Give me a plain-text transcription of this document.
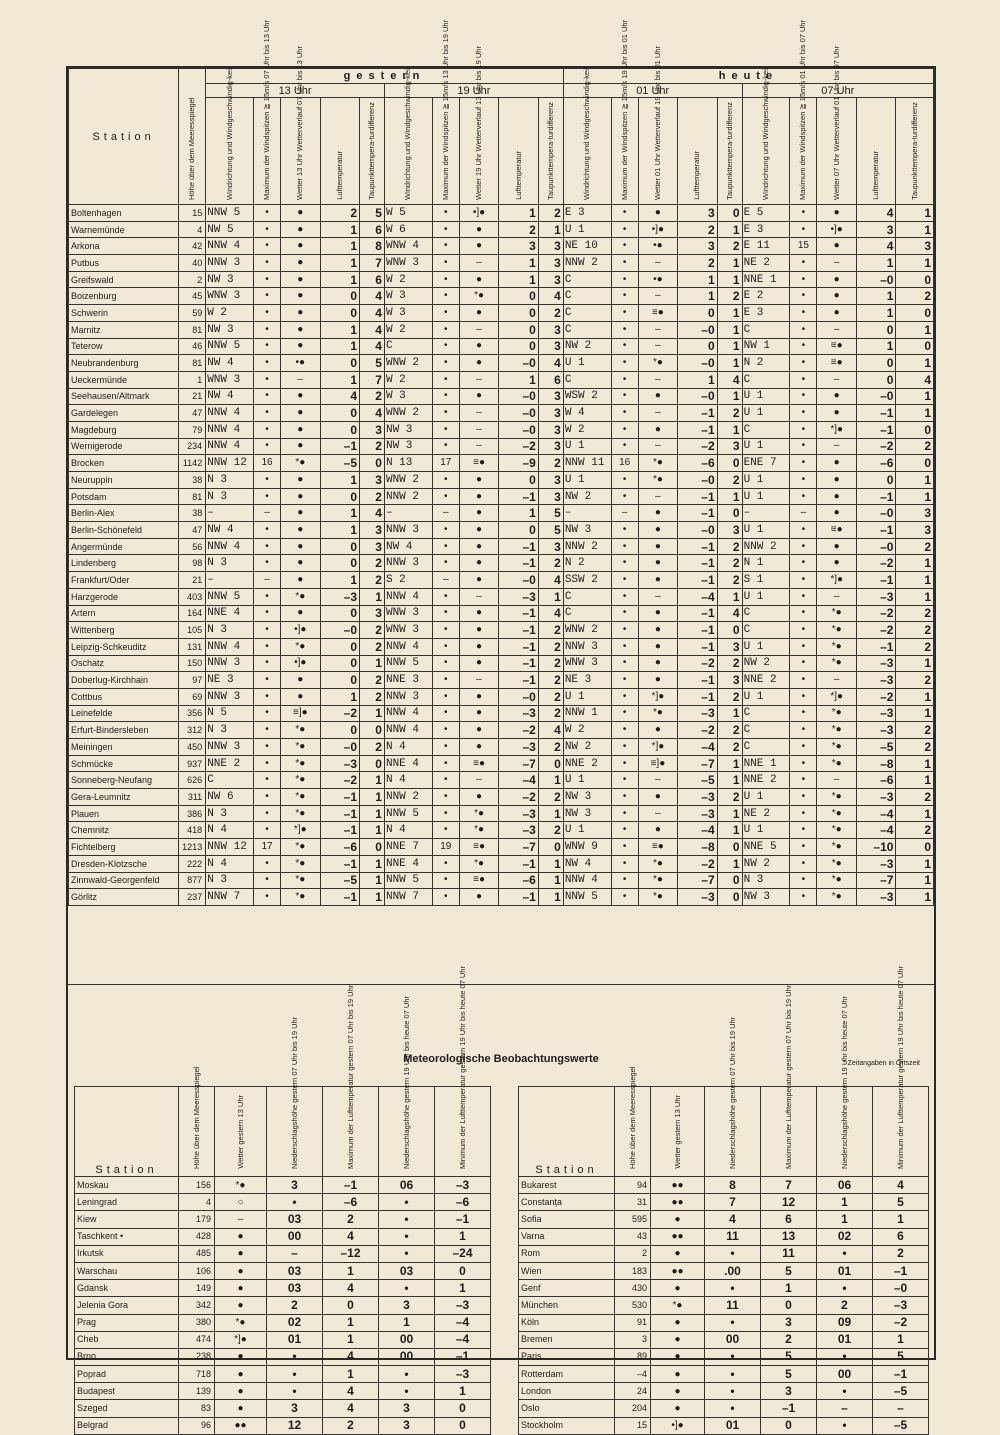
Station	Höhe über dem Meeresspiegel	gestern										heute									
		13 Uhr					19 Uhr					01 Uhr					07 Uhr				
		Windrichtung und Windgeschwindig-keit	Maximum der Windspitzen ≧ 15m/s 07 Uhr bis 13 Uhr	Wetter 13 Uhr Wetterverlauf 07 Uhr bis 13 Uhr	Lufttemperatur	Taupunkttempera-turdifferenz	Windrichtung und Windgeschwindig-keit	Maximum der Windspitzen ≧ 15m/s 13 Uhr bis 19 Uhr	Wetter 19 Uhr Wetterverlauf 13 Uhr bis 19 Uhr	Lufttemperatur	Taupunkttempera-turdifferenz	Windrichtung und Windgeschwindig-keit	Maximum der Windspitzen ≧ 15m/s 19 Uhr bis 01 Uhr	Wetter 01 Uhr Wetterverlauf 19 Uhr bis 01 Uhr	Lufttemperatur	Taupunkttempera-turdifferenz	Windrichtung und Windgeschwindig-keit	Maximum der Windspitzen ≧ 15m/s 01 Uhr bis 07 Uhr	Wetter 07 Uhr Wetterverlauf 01 Uhr bis 07 Uhr	Lufttemperatur	Taupunkttempera-turdifferenz
Boltenhagen	15	NNW 5	•	●	2	5	W 5	•	•]●	1	2	E 3	•	●	3	0	E 5	•	●	4	1
Warnemünde	4	NW 5	•	●	1	6	W 6	•	●	2	1	U 1	•	•]●	2	1	E 3	•	•]●	3	1
Arkona	42	NNW 4	•	●	1	8	WNW 4	•	●	3	3	NE 10	•	•●	3	2	E 11	15	●	4	3
Putbus	40	NNW 3	•	●	1	7	WNW 3	•	–	1	3	NNW 2	•	–	2	1	NE 2	•	–	1	1
Greifswald	2	NW 3	•	●	1	6	W 2	•	●	1	3	C	•	•●	1	1	NNE 1	•	●	–0	0
Boizenburg	45	WNW 3	•	●	0	4	W 3	•	*●	0	4	C	•	–	1	2	E 2	•	●	1	2
Schwerin	59	W 2	•	●	0	4	W 3	•	●	0	2	C	•	≡●	0	1	E 3	•	●	1	0
Marnitz	81	NW 3	•	●	1	4	W 2	•	–	0	3	C	•	–	–0	1	C	•	–	0	1
Teterow	46	NNW 5	•	●	1	4	C	•	●	0	3	NW 2	•	–	0	1	NW 1	•	≡●	1	0
Neubrandenburg	81	NW 4	•	•●	0	5	WNW 2	•	●	–0	4	U 1	•	*●	–0	1	N 2	•	≡●	0	1
Ueckermünde	1	WNW 3	•	–	1	7	W 2	•	–	1	6	C	•	–	1	4	C	•	–	0	4
Seehausen/Altmark	21	NW 4	•	●	4	2	W 3	•	●	–0	3	WSW 2	•	●	–0	1	U 1	•	●	–0	1
Gardelegen	47	NNW 4	•	●	0	4	WNW 2	•	–	–0	3	W 4	•	–	–1	2	U 1	•	●	–1	1
Magdeburg	79	NNW 4	•	●	0	3	NW 3	•	–	–0	3	W 2	•	●	–1	1	C	•	*]●	–1	0
Wernigerode	234	NNW 4	•	●	–1	2	NW 3	•	–	–2	3	U 1	•	–	–2	3	U 1	•	–	–2	2
Brocken	1142	NNW 12	16	*●	–5	0	N 13	17	≡●	–9	2	NNW 11	16	*●	–6	0	ENE 7	•	●	–6	0
Neuruppin	38	N 3	•	●	1	3	WNW 2	•	●	0	3	U 1	•	*●	–0	2	U 1	•	●	0	1
Potsdam	81	N 3	•	●	0	2	NNW 2	•	●	–1	3	NW 2	•	–	–1	1	U 1	•	●	–1	1
Berlin-Alex	38	–	–	●	1	4	–	–	●	1	5	–	–	●	–1	0	–	–	●	–0	3
Berlin-Schönefeld	47	NW 4	•	●	1	3	NNW 3	•	●	0	5	NW 3	•	●	–0	3	U 1	•	≡●	–1	3
Angermünde	56	NNW 4	•	●	0	3	NW 4	•	●	–1	3	NNW 2	•	●	–1	2	NNW 2	•	●	–0	2
Lindenberg	98	N 3	•	●	0	2	NNW 3	•	●	–1	2	N 2	•	●	–1	2	N 1	•	●	–2	1
Frankfurt/Oder	21	–	–	●	1	2	S 2	–	●	–0	4	SSW 2	•	●	–1	2	S 1	•	*]●	–1	1
Harzgerode	403	NNW 5	•	*●	–3	1	NNW 4	•	–	–3	1	C	•	–	–4	1	U 1	•	–	–3	1
Artern	164	NNE 4	•	●	0	3	WNW 3	•	●	–1	4	C	•	●	–1	4	C	•	*●	–2	2
Wittenberg	105	N 3	•	•]●	–0	2	WNW 3	•	●	–1	2	WNW 2	•	●	–1	0	C	•	*●	–2	2
Leipzig-Schkeuditz	131	NNW 4	•	*●	0	2	NNW 4	•	●	–1	2	NNW 3	•	●	–1	3	U 1	•	*●	–1	2
Oschatz	150	NNW 3	•	•]●	0	1	NNW 5	•	●	–1	2	WNW 3	•	●	–2	2	NW 2	•	*●	–3	1
Doberlug-Kirchhain	97	NE 3	•	●	0	2	NNE 3	•	–	–1	2	NE 3	•	●	–1	3	NNE 2	•	–	–3	2
Cottbus	69	NNW 3	•	●	1	2	NNW 3	•	●	–0	2	U 1	•	*]●	–1	2	U 1	•	*]●	–2	1
Leinefelde	356	N 5	•	≡]●	–2	1	NNW 4	•	●	–3	2	NNW 1	•	*●	–3	1	C	•	*●	–3	1
Erfurt-Bindersleben	312	N 3	•	*●	0	0	NNW 4	•	●	–2	4	W 2	•	●	–2	2	C	•	*●	–3	2
Meiningen	450	NNW 3	•	*●	–0	2	N 4	•	●	–3	2	NW 2	•	*]●	–4	2	C	•	*●	–5	2
Schmücke	937	NNE 2	•	*●	–3	0	NNE 4	•	≡●	–7	0	NNE 2	•	≡]●	–7	1	NNE 1	•	*●	–8	1
Sonneberg-Neufang	626	C	•	*●	–2	1	N 4	•	–	–4	1	U 1	•	–	–5	1	NNE 2	•	–	–6	1
Gera-Leumnitz	311	NW 6	•	*●	–1	1	NNW 2	•	●	–2	2	NW 3	•	●	–3	2	U 1	•	*●	–3	2
Plauen	386	N 3	•	*●	–1	1	NNW 5	•	*●	–3	1	NW 3	•	–	–3	1	NE 2	•	*●	–4	1
Chemnitz	418	N 4	•	*]●	–1	1	N 4	•	*●	–3	2	U 1	•	●	–4	1	U 1	•	*●	–4	2
Fichtelberg	1213	NNW 12	17	*●	–6	0	NNE 7	19	≡●	–7	0	WNW 9	•	≡●	–8	0	NNE 5	•	*●	–10	0
Dresden-Klotzsche	222	N 4	•	*●	–1	1	NNE 4	•	*●	–1	1	NW 4	•	*●	–2	1	NW 2	•	*●	–3	1
Zinnwald-Georgenfeld	877	N 3	•	*●	–5	1	NNW 5	•	≡●	–6	1	NNW 4	•	*●	–7	0	N 3	•	*●	–7	1
Görlitz	237	NNW 7	•	*●	–1	1	NNW 7	•	●	–1	1	NNW 5	•	*●	–3	0	NW 3	•	*●	–3	1
Meteorologische Beobachtungswerte	* Zeitangaben in Ortszeit
Station	Höhe über dem Meeresspiegel	Wetter gestern 13 Uhr	Niederschlagshöhe gestern 07 Uhr bis 19 Uhr	Maximum der Lufttemperatur gestern 07 Uhr bis 19 Uhr	Niederschlagshöhe gestern 19 Uhr bis heute 07 Uhr	Minimum der Lufttemperatur gestern 19 Uhr bis heute 07 Uhr
Moskau	156	*●	3	–1	06	–3
Leningrad	4	○	•	–6	•	–6
Kiew	179	–	03	2	•	–1
Taschkent •	428	●	00	4	•	1
Irkutsk	485	●	–	–12	•	–24
Warschau	106	●	03	1	03	0
Gdansk	149	●	03	4	•	1
Jelenia Gora	342	●	2	0	3	–3
Prag	380	*●	02	1	1	–4
Cheb	474	*]●	01	1	00	–4
Brno	238	●	•	4	00	–1
Poprad	718	●	•	1	•	–3
Budapest	139	●	•	4	•	1
Szeged	83	●	3	4	3	0
Belgrad	96	●●	12	2	3	0
Station	Höhe über dem Meeresspiegel	Wetter gestern 13 Uhr	Niederschlagshöhe gestern 07 Uhr bis 19 Uhr	Maximum der Lufttemperatur gestern 07 Uhr bis 19 Uhr	Niederschlagshöhe gestern 19 Uhr bis heute 07 Uhr	Minimum der Lufttemperatur gestern 19 Uhr bis heute 07 Uhr
Bukarest	94	●●	8	7	06	4
Constanța	31	●●	7	12	1	5
Sofia	595	●	4	6	1	1
Varna	43	●●	11	13	02	6
Rom	2	●	•	11	•	2
Wien	183	●●	.00	5	01	–1
Genf	430	●	•	1	•	–0
München	530	*●	11	0	2	–3
Köln	91	●	•	3	09	–2
Bremen	3	●	00	2	01	1
Paris	89	●	•	5	•	5
Rotterdam	–4	●	•	5	00	–1
London	24	●	•	3	•	–5
Oslo	204	●	•	–1	–	–
Stockholm	15	•]●	01	0	•	–5
